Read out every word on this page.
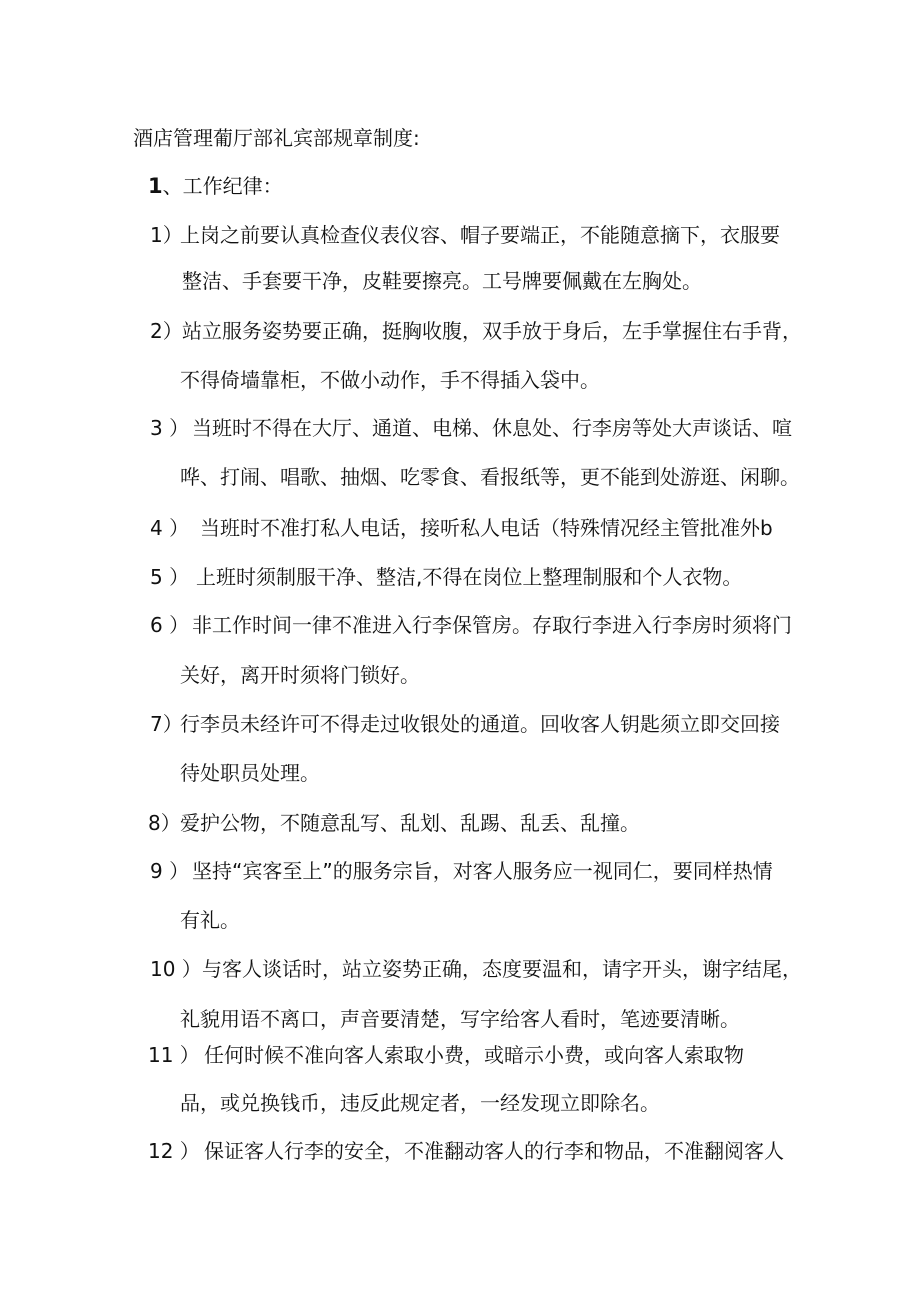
酒店管理葡厅部礼宾部规章制度:
1、工作纪律：
1）上岗之前要认真检查仪表仪容、帽子要端正，不能随意摘下，衣服要
整洁、手套要干净，皮鞋要擦亮。工号牌要佩戴在左胸处。
2）站立服务姿势要正确，挺胸收腹，双手放于身后，左手掌握住右手背，
不得倚墙靠柜，不做小动作，手不得插入袋中。
3 ） 当班时不得在大厅、通道、电梯、休息处、行李房等处大声谈话、喧
哗、打闹、唱歌、抽烟、吃零食、看报纸等，更不能到处游逛、闲聊。
4 ） 当班时不准打私人电话，接听私人电话（特殊情况经主管批准外b
5 ） 上班时须制服干净、整洁,不得在岗位上整理制服和个人衣物。
6 ） 非工作时间一律不准进入行李保管房。存取行李进入行李房时须将门
关好，离开时须将门锁好。
7）行李员未经许可不得走过收银处的通道。回收客人钥匙须立即交回接
待处职员处理。
8）爱护公物，不随意乱写、乱划、乱踢、乱丢、乱撞。
9 ） 坚持“宾客至上”的服务宗旨，对客人服务应一视同仁，要同样热情
有礼。
10 ）与客人谈话时，站立姿势正确，态度要温和，请字开头，谢字结尾，
礼貌用语不离口，声音要清楚，写字给客人看时，笔迹要清晰。
11 ） 任何时候不准向客人索取小费，或暗示小费，或向客人索取物
品，或兑换钱币，违反此规定者，一经发现立即除名。
12 ） 保证客人行李的安全，不准翻动客人的行李和物品，不准翻阅客人
